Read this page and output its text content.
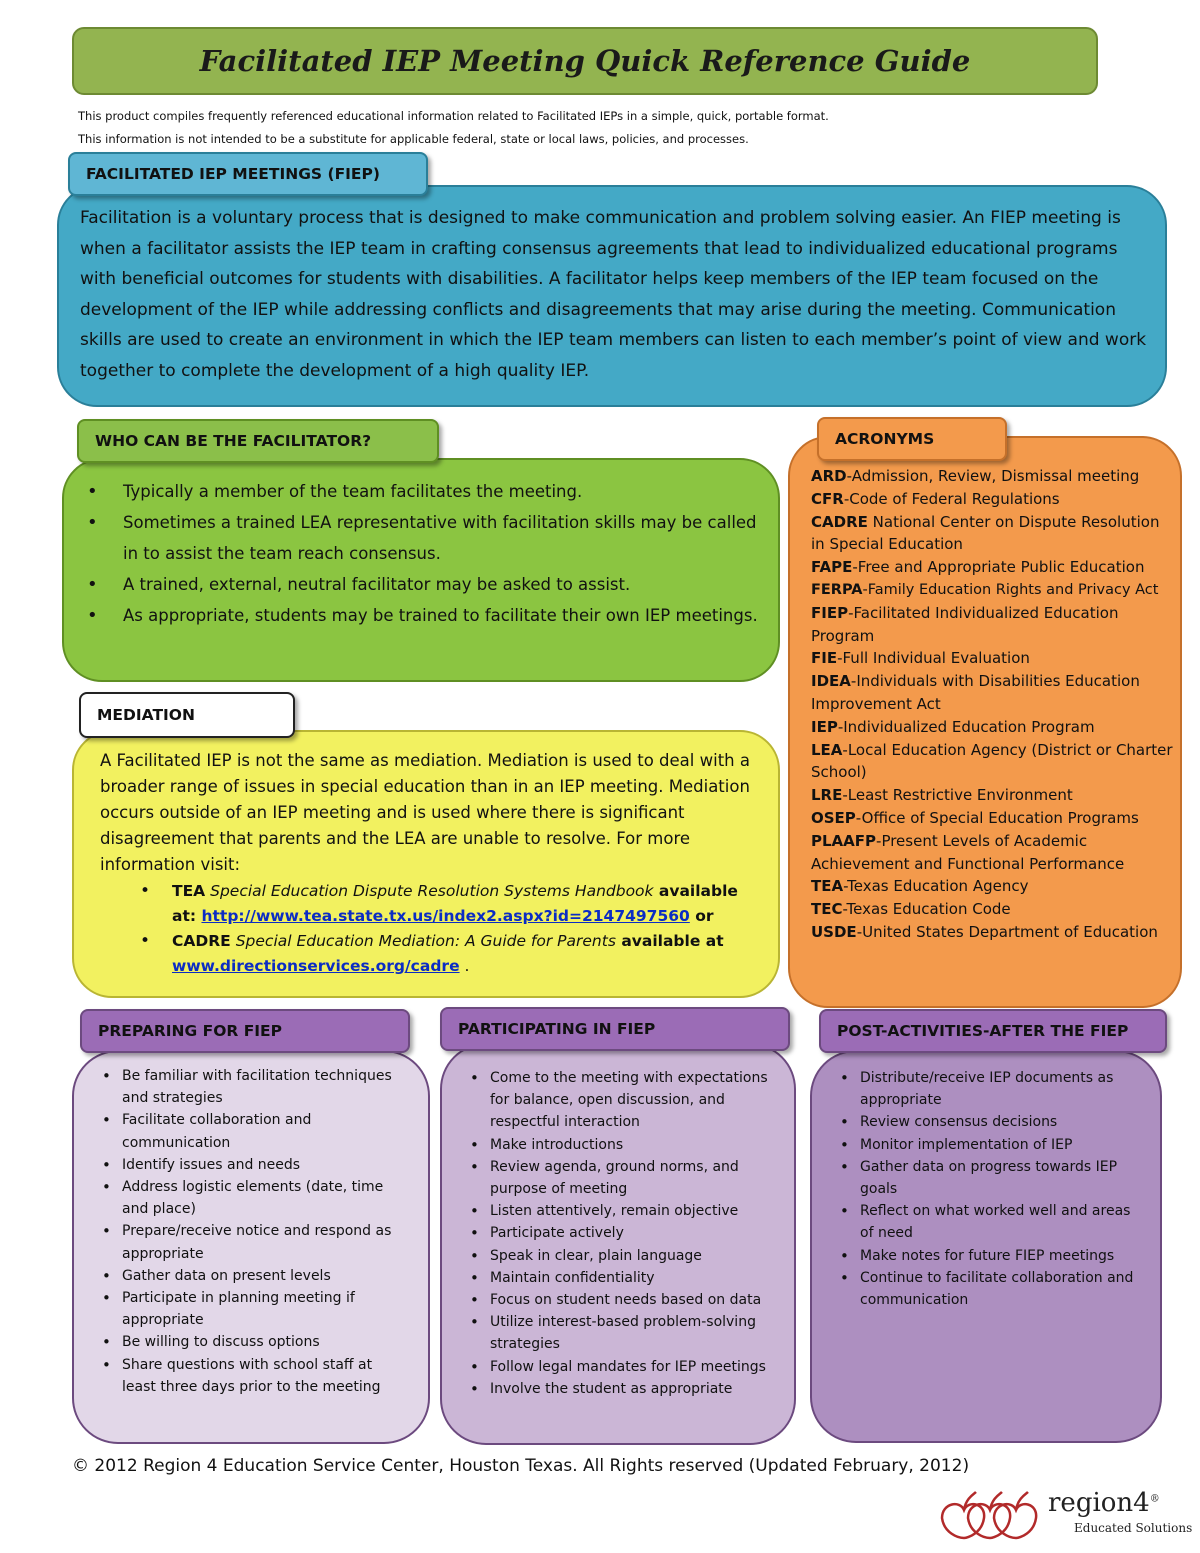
Facilitated IEP Meeting Quick Reference Guide
This product compiles frequently referenced educational information related to Facilitated IEPs in a simple, quick, portable format.
This information is not intended to be a substitute for applicable federal, state or local laws, policies, and processes.
FACILITATED IEP MEETINGS (FIEP)
Facilitation is a voluntary process that is designed to make communication and problem solving easier. An FIEP meeting is when a facilitator assists the IEP team in crafting consensus agreements that lead to individualized educational programs with beneficial outcomes for students with disabilities. A facilitator helps keep members of the IEP team focused on the development of the IEP while addressing conflicts and disagreements that may arise during the meeting. Communication skills are used to create an environment in which the IEP team members can listen to each member’s point of view and work together to complete the development of a high quality IEP.
WHO CAN BE THE FACILITATOR?
• Typically a member of the team facilitates the meeting.
• Sometimes a trained LEA representative with facilitation skills may be called in to assist the team reach consensus.
• A trained, external, neutral facilitator may be asked to assist.
• As appropriate, students may be trained to facilitate their own IEP meetings.
MEDIATION
A Facilitated IEP is not the same as mediation. Mediation is used to deal with a broader range of issues in special education than in an IEP meeting. Mediation occurs outside of an IEP meeting and is used where there is significant disagreement that parents and the LEA are unable to resolve. For more information visit:
• TEA Special Education Dispute Resolution Systems Handbook available at: http://www.tea.state.tx.us/index2.aspx?id=2147497560 or
• CADRE Special Education Mediation: A Guide for Parents available at www.directionservices.org/cadre .
ACRONYMS
ARD-Admission, Review, Dismissal meeting
CFR-Code of Federal Regulations
CADRE National Center on Dispute Resolution in Special Education
FAPE-Free and Appropriate Public Education
FERPA-Family Education Rights and Privacy Act
FIEP-Facilitated Individualized Education Program
FIE-Full Individual Evaluation
IDEA-Individuals with Disabilities Education Improvement Act
IEP-Individualized Education Program
LEA-Local Education Agency (District or Charter School)
LRE-Least Restrictive Environment
OSEP-Office of Special Education Programs
PLAAFP-Present Levels of Academic Achievement and Functional Performance
TEA-Texas Education Agency
TEC-Texas Education Code
USDE-United States Department of Education
PREPARING FOR FIEP
• Be familiar with facilitation techniques and strategies
• Facilitate collaboration and communication
• Identify issues and needs
• Address logistic elements (date, time and place)
• Prepare/receive notice and respond as appropriate
• Gather data on present levels
• Participate in planning meeting if appropriate
• Be willing to discuss options
• Share questions with school staff at least three days prior to the meeting
PARTICIPATING IN FIEP
• Come to the meeting with expectations for balance, open discussion, and respectful interaction
• Make introductions
• Review agenda, ground norms, and purpose of meeting
• Listen attentively, remain objective
• Participate actively
• Speak in clear, plain language
• Maintain confidentiality
• Focus on student needs based on data
• Utilize interest-based problem-solving strategies
• Follow legal mandates for IEP meetings
• Involve the student as appropriate
POST-ACTIVITIES-AFTER THE FIEP
• Distribute/receive IEP documents as appropriate
• Review consensus decisions
• Monitor implementation of IEP
• Gather data on progress towards IEP goals
• Reflect on what worked well and areas of need
• Make notes for future FIEP meetings
• Continue to facilitate collaboration and communication
© 2012 Region 4 Education Service Center, Houston Texas. All Rights reserved (Updated February, 2012)
region4®
Educated Solutions
